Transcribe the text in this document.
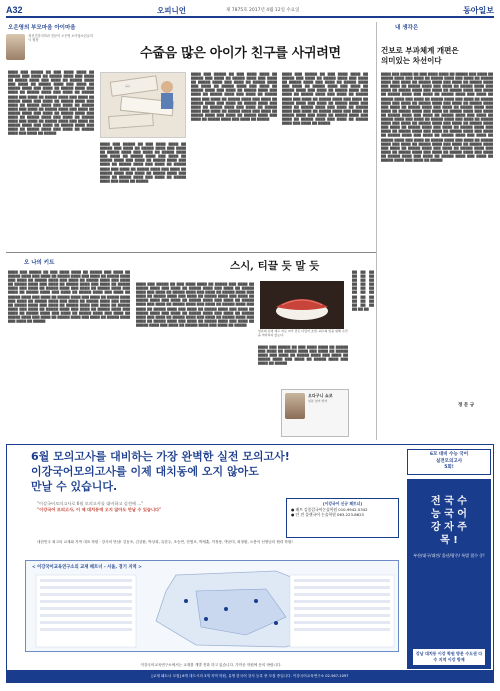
A32	오피니언	제 7875호 2017년 4월 12일 수요일	동아일보
오은영의 부모마음 아이마음
정신건강의학과 전문의 오은영 소아청소년클리닉 원장
▇▇▇▇ ▇▇▇ ▇▇▇▇▇ ▇▇ ▇▇▇ ▇▇▇▇ ▇▇▇▇ ▇▇ ▇▇▇▇▇ ▇▇▇ ▇▇▇▇ ▇▇ ▇▇▇▇▇ ▇▇▇▇ ▇▇▇ ▇▇▇▇ ▇▇ ▇▇▇▇▇ ▇▇▇▇ ▇▇▇ ▇▇▇▇ ▇▇ ▇▇▇▇▇ ▇▇▇▇ ▇▇▇ ▇▇▇▇ ▇▇ ▇▇▇▇▇ ▇▇▇▇ ▇▇▇ ▇▇▇▇ ▇▇ ▇▇▇▇▇ ▇▇▇▇ ▇▇▇ ▇▇▇▇ ▇▇ ▇▇▇▇▇ ▇▇▇▇ ▇▇▇ ▇▇▇▇ ▇▇ ▇▇▇▇▇ ▇▇▇▇ ▇▇▇ ▇▇▇▇ ▇▇ ▇▇▇▇▇ ▇▇▇▇ ▇▇▇ ▇▇▇▇ ▇▇ ▇▇▇▇▇ ▇▇▇▇ ▇▇▇ ▇▇▇▇ ▇▇ ▇▇▇▇▇ ▇▇▇▇ ▇▇▇ ▇▇▇▇ ▇▇ ▇▇▇▇▇ ▇▇▇▇ ▇▇▇ ▇▇▇▇ ▇▇ ▇▇▇▇▇ ▇▇▇▇ ▇▇▇ ▇▇▇▇ ▇▇ ▇▇▇▇▇ ▇▇▇▇ ▇▇▇ ▇▇▇▇ ▇▇ ▇▇▇▇▇ ▇▇▇▇ ▇▇▇ ▇▇▇▇ ▇▇ ▇▇▇▇▇ ▇▇▇▇ ▇▇▇ ▇▇▇▇ ▇▇ ▇▇▇▇▇ ▇▇▇▇ ▇▇▇ ▇▇▇▇ ▇▇ ▇▇▇▇▇ ▇▇▇▇ ▇▇▇ ▇▇▇▇ ▇▇ ▇▇▇▇▇ ▇▇▇▇ ▇▇▇ ▇▇▇▇ ▇▇ ▇▇▇▇▇ ▇▇▇▇ ▇▇▇ ▇▇▇▇ ▇▇ ▇▇▇▇▇ ▇▇▇▇ ▇▇▇ ▇▇▇▇ ▇▇ ▇▇▇▇▇ ▇▇▇▇ ▇▇▇ ▇▇▇▇ ▇▇ ▇▇▇▇▇ ▇▇▇▇ ▇▇▇ ▇▇▇▇ ▇▇ ▇▇▇▇▇ ▇▇▇▇ ▇▇▇ ▇▇▇▇ ▇▇ ▇▇▇▇▇
수줍음 많은 아이가 친구를 사귀려면
📖
▇▇▇▇ ▇▇▇ ▇▇▇▇▇ ▇▇ ▇▇▇ ▇▇▇▇ ▇▇▇▇ ▇▇ ▇▇▇▇▇ ▇▇▇ ▇▇▇▇ ▇▇ ▇▇▇▇▇ ▇▇▇▇ ▇▇▇ ▇▇▇▇ ▇▇ ▇▇▇▇▇ ▇▇▇▇ ▇▇▇ ▇▇▇▇ ▇▇ ▇▇▇▇▇ ▇▇▇▇ ▇▇▇ ▇▇▇▇ ▇▇ ▇▇▇▇▇ ▇▇▇▇ ▇▇▇ ▇▇▇▇ ▇▇ ▇▇▇▇▇ ▇▇▇▇ ▇▇▇ ▇▇▇▇ ▇▇ ▇▇▇▇▇ ▇▇▇▇ ▇▇▇ ▇▇▇▇ ▇▇ ▇▇▇▇▇ ▇▇▇▇ ▇▇▇ ▇▇▇▇ ▇▇ ▇▇▇▇▇ ▇▇▇▇ ▇▇▇ ▇▇▇▇ ▇▇ ▇▇▇▇▇ ▇▇▇▇ ▇▇▇ ▇▇▇▇ ▇▇ ▇▇▇▇▇ ▇▇▇▇ ▇▇▇ ▇▇▇▇ ▇▇ ▇▇▇▇▇ ▇▇▇▇ ▇▇▇ ▇▇▇▇ ▇▇ ▇▇▇▇▇ ▇▇▇▇ ▇▇▇ ▇▇▇▇ ▇▇ ▇▇▇▇▇ ▇▇▇▇ ▇▇▇ ▇▇▇▇ ▇▇ ▇▇▇▇▇
▇▇▇▇ ▇▇▇ ▇▇▇▇▇ ▇▇ ▇▇▇ ▇▇▇▇ ▇▇▇▇ ▇▇ ▇▇▇▇▇ ▇▇▇ ▇▇▇▇ ▇▇ ▇▇▇▇▇ ▇▇▇▇ ▇▇▇ ▇▇▇▇ ▇▇ ▇▇▇▇▇ ▇▇▇▇ ▇▇▇ ▇▇▇▇ ▇▇ ▇▇▇▇▇ ▇▇▇▇ ▇▇▇ ▇▇▇▇ ▇▇ ▇▇▇▇▇ ▇▇▇▇ ▇▇▇ ▇▇▇▇ ▇▇ ▇▇▇▇▇ ▇▇▇▇ ▇▇▇ ▇▇▇▇ ▇▇ ▇▇▇▇▇ ▇▇▇▇ ▇▇▇ ▇▇▇▇ ▇▇ ▇▇▇▇▇ ▇▇▇▇ ▇▇▇ ▇▇▇▇ ▇▇ ▇▇▇▇▇ ▇▇▇▇ ▇▇▇ ▇▇▇▇ ▇▇ ▇▇▇▇▇ ▇▇▇▇ ▇▇▇ ▇▇▇▇ ▇▇ ▇▇▇▇▇ ▇▇▇▇ ▇▇▇ ▇▇▇▇ ▇▇ ▇▇▇▇▇ ▇▇▇▇ ▇▇▇ ▇▇▇▇ ▇▇ ▇▇▇▇▇ ▇▇▇▇ ▇▇▇ ▇▇▇▇ ▇▇ ▇▇▇▇▇ ▇▇▇▇ ▇▇▇ ▇▇▇▇ ▇▇ ▇▇▇▇▇ ▇▇▇▇ ▇▇▇ ▇▇▇▇ ▇▇ ▇▇▇▇▇ ▇▇▇▇ ▇▇▇ ▇▇▇▇ ▇▇ ▇▇▇▇▇ ▇▇▇▇ ▇▇▇ ▇▇▇▇ ▇▇ ▇▇▇▇▇ ▇▇▇▇ ▇▇▇ ▇▇▇▇ ▇▇ ▇▇▇▇▇
▇▇▇▇ ▇▇▇ ▇▇▇▇▇ ▇▇ ▇▇▇ ▇▇▇▇ ▇▇▇▇ ▇▇ ▇▇▇▇▇ ▇▇▇ ▇▇▇▇ ▇▇ ▇▇▇▇▇ ▇▇▇▇ ▇▇▇ ▇▇▇▇ ▇▇ ▇▇▇▇▇ ▇▇▇▇ ▇▇▇ ▇▇▇▇ ▇▇ ▇▇▇▇▇ ▇▇▇▇ ▇▇▇ ▇▇▇▇ ▇▇ ▇▇▇▇▇ ▇▇▇▇ ▇▇▇ ▇▇▇▇ ▇▇ ▇▇▇▇▇ ▇▇▇▇ ▇▇▇ ▇▇▇▇ ▇▇ ▇▇▇▇▇ ▇▇▇▇ ▇▇▇ ▇▇▇▇ ▇▇ ▇▇▇▇▇ ▇▇▇▇ ▇▇▇ ▇▇▇▇ ▇▇ ▇▇▇▇▇ ▇▇▇▇ ▇▇▇ ▇▇▇▇ ▇▇ ▇▇▇▇▇ ▇▇▇▇ ▇▇▇ ▇▇▇▇ ▇▇ ▇▇▇▇▇ ▇▇▇▇ ▇▇▇ ▇▇▇▇ ▇▇ ▇▇▇▇▇ ▇▇▇▇ ▇▇▇ ▇▇▇▇ ▇▇ ▇▇▇▇▇ ▇▇▇▇ ▇▇▇ ▇▇▇▇ ▇▇ ▇▇▇▇▇ ▇▇▇▇ ▇▇▇ ▇▇▇▇ ▇▇ ▇▇▇▇▇ ▇▇▇▇ ▇▇▇ ▇▇▇▇ ▇▇ ▇▇▇▇▇ ▇▇▇▇ ▇▇▇ ▇▇▇▇ ▇▇ ▇▇▇▇▇ ▇▇▇▇ ▇▇▇ ▇▇▇▇ ▇▇ ▇▇▇▇▇ ▇▇▇▇ ▇▇▇ ▇▇▇▇ ▇▇ ▇▇▇▇▇ ▇▇▇▇ ▇▇▇ ▇▇▇▇ ▇▇ ▇▇▇▇▇
내 생각은
건보로 부과체계 개편은
의미있는 차선이다
▇▇▇▇ ▇▇▇ ▇▇▇▇▇ ▇▇ ▇▇▇ ▇▇▇▇ ▇▇▇▇ ▇▇ ▇▇▇▇▇ ▇▇▇ ▇▇▇▇ ▇▇ ▇▇▇▇▇ ▇▇▇▇ ▇▇▇ ▇▇▇▇ ▇▇ ▇▇▇▇▇ ▇▇▇▇ ▇▇▇ ▇▇▇▇ ▇▇ ▇▇▇▇▇ ▇▇▇▇ ▇▇▇ ▇▇▇▇ ▇▇ ▇▇▇▇▇ ▇▇▇▇ ▇▇▇ ▇▇▇▇ ▇▇ ▇▇▇▇▇ ▇▇▇▇ ▇▇▇ ▇▇▇▇ ▇▇ ▇▇▇▇▇ ▇▇▇▇ ▇▇▇ ▇▇▇▇ ▇▇ ▇▇▇▇▇ ▇▇▇▇ ▇▇▇ ▇▇▇▇ ▇▇ ▇▇▇▇▇ ▇▇▇▇ ▇▇▇ ▇▇▇▇ ▇▇ ▇▇▇▇▇ ▇▇▇▇ ▇▇▇ ▇▇▇▇ ▇▇ ▇▇▇▇▇ ▇▇▇▇ ▇▇▇ ▇▇▇▇ ▇▇ ▇▇▇▇▇ ▇▇▇▇ ▇▇▇ ▇▇▇▇ ▇▇ ▇▇▇▇▇ ▇▇▇▇ ▇▇▇ ▇▇▇▇ ▇▇ ▇▇▇▇▇ ▇▇▇▇ ▇▇▇ ▇▇▇▇ ▇▇ ▇▇▇▇▇ ▇▇▇▇ ▇▇▇ ▇▇▇▇ ▇▇ ▇▇▇▇▇ ▇▇▇▇ ▇▇▇ ▇▇▇▇ ▇▇ ▇▇▇▇▇ ▇▇▇▇ ▇▇▇ ▇▇▇▇ ▇▇ ▇▇▇▇▇ ▇▇▇▇ ▇▇▇ ▇▇▇▇ ▇▇ ▇▇▇▇▇ ▇▇▇▇ ▇▇▇ ▇▇▇▇ ▇▇ ▇▇▇▇▇ ▇▇▇▇ ▇▇▇ ▇▇▇▇ ▇▇ ▇▇▇▇▇ ▇▇▇▇ ▇▇▇ ▇▇▇▇ ▇▇ ▇▇▇▇▇ ▇▇▇▇ ▇▇▇ ▇▇▇▇ ▇▇ ▇▇▇▇▇ ▇▇▇▇ ▇▇▇ ▇▇▇▇ ▇▇ ▇▇▇▇▇ ▇▇▇▇ ▇▇▇ ▇▇▇▇ ▇▇ ▇▇▇▇▇ ▇▇▇▇ ▇▇▇ ▇▇▇▇ ▇▇ ▇▇▇▇▇ ▇▇▇▇ ▇▇▇ ▇▇▇▇ ▇▇ ▇▇▇▇▇ ▇▇▇▇ ▇▇▇ ▇▇▇▇ ▇▇ ▇▇▇▇▇ ▇▇▇▇ ▇▇▇ ▇▇▇▇ ▇▇ ▇▇▇▇▇ ▇▇▇▇ ▇▇▇ ▇▇▇▇ ▇▇ ▇▇▇▇▇ ▇▇▇▇ ▇▇▇ ▇▇▇▇ ▇▇ ▇▇▇▇▇ ▇▇▇▇ ▇▇▇ ▇▇▇▇ ▇▇ ▇▇▇▇▇ ▇▇▇▇ ▇▇▇ ▇▇▇▇ ▇▇ ▇▇▇▇▇ ▇▇▇▇ ▇▇▇ ▇▇▇▇ ▇▇ ▇▇▇▇▇ ▇▇▇▇ ▇▇▇ ▇▇▇▇ ▇▇ ▇▇▇▇▇ ▇▇▇▇ ▇▇▇ ▇▇▇▇ ▇▇ ▇▇▇▇▇ ▇▇▇▇ ▇▇▇ ▇▇▇▇ ▇▇ ▇▇▇▇▇ ▇▇▇▇ ▇▇▇ ▇▇▇▇ ▇▇ ▇▇▇▇▇ ▇▇▇▇ ▇▇▇ ▇▇▇▇ ▇▇ ▇▇▇▇▇ ▇▇▇▇ ▇▇▇ ▇▇▇▇ ▇▇ ▇▇▇▇▇ ▇▇▇▇ ▇▇▇ ▇▇▇▇ ▇▇ ▇▇▇▇▇ ▇▇▇▇ ▇▇▇ ▇▇▇▇ ▇▇ ▇▇▇▇▇ ▇▇▇▇ ▇▇▇ ▇▇▇▇ ▇▇ ▇▇▇▇▇ ▇▇▇▇ ▇▇▇ ▇▇▇▇ ▇▇ ▇▇▇▇▇ ▇▇▇▇ ▇▇▇ ▇▇▇▇ ▇▇ ▇▇▇▇▇ ▇▇▇▇ ▇▇▇ ▇▇▇▇ ▇▇ ▇▇▇▇▇ ▇▇▇▇ ▇▇▇ ▇▇▇▇ ▇▇ ▇▇▇▇▇
정 문 규
오 나의 키트
▇▇▇▇ ▇▇▇ ▇▇▇▇▇ ▇▇ ▇▇▇ ▇▇▇▇ ▇▇▇▇ ▇▇ ▇▇▇▇▇ ▇▇▇ ▇▇▇▇ ▇▇ ▇▇▇▇▇ ▇▇▇▇ ▇▇▇ ▇▇▇▇ ▇▇ ▇▇▇▇▇ ▇▇▇▇ ▇▇▇ ▇▇▇▇ ▇▇ ▇▇▇▇▇ ▇▇▇▇ ▇▇▇ ▇▇▇▇ ▇▇ ▇▇▇▇▇ ▇▇▇▇ ▇▇▇ ▇▇▇▇ ▇▇ ▇▇▇▇▇ ▇▇▇▇ ▇▇▇ ▇▇▇▇ ▇▇ ▇▇▇▇▇ ▇▇▇▇ ▇▇▇ ▇▇▇▇ ▇▇ ▇▇▇▇▇ ▇▇▇▇ ▇▇▇ ▇▇▇▇ ▇▇ ▇▇▇▇▇ ▇▇▇▇ ▇▇▇ ▇▇▇▇ ▇▇ ▇▇▇▇▇ ▇▇▇▇ ▇▇▇ ▇▇▇▇ ▇▇ ▇▇▇▇▇ ▇▇▇▇ ▇▇▇ ▇▇▇▇ ▇▇ ▇▇▇▇▇ ▇▇▇▇ ▇▇▇ ▇▇▇▇ ▇▇ ▇▇▇▇▇ ▇▇▇▇ ▇▇▇ ▇▇▇▇ ▇▇ ▇▇▇▇▇ ▇▇▇▇ ▇▇▇ ▇▇▇▇ ▇▇ ▇▇▇▇▇ ▇▇▇▇ ▇▇▇ ▇▇▇▇ ▇▇ ▇▇▇▇▇ ▇▇▇▇ ▇▇▇ ▇▇▇▇ ▇▇ ▇▇▇▇▇ ▇▇▇▇ ▇▇▇ ▇▇▇▇ ▇▇ ▇▇▇▇▇ ▇▇▇▇ ▇▇▇ ▇▇▇▇ ▇▇ ▇▇▇▇▇ ▇▇▇▇ ▇▇▇ ▇▇▇▇ ▇▇ ▇▇▇▇▇ ▇▇▇▇ ▇▇▇ ▇▇▇▇ ▇▇ ▇▇▇▇▇ ▇▇▇▇ ▇▇▇ ▇▇▇▇ ▇▇ ▇▇▇▇▇ ▇▇▇▇ ▇▇▇ ▇▇▇▇ ▇▇ ▇▇▇▇▇ ▇▇▇▇ ▇▇▇ ▇▇▇▇ ▇▇ ▇▇▇▇▇ ▇▇▇▇ ▇▇▇ ▇▇▇▇ ▇▇ ▇▇▇▇▇ ▇▇▇▇ ▇▇▇ ▇▇▇▇ ▇▇ ▇▇▇▇▇ ▇▇▇▇ ▇▇▇ ▇▇▇▇ ▇▇ ▇▇▇▇▇ ▇▇▇▇ ▇▇▇ ▇▇▇▇ ▇▇ ▇▇▇▇▇ ▇▇▇▇ ▇▇▇ ▇▇▇▇ ▇▇ ▇▇▇▇▇
스시, 티끌 듯 말 듯
▇▇▇▇ ▇▇▇ ▇▇▇▇▇ ▇▇ ▇▇▇ ▇▇▇▇ ▇▇▇▇ ▇▇ ▇▇▇▇▇ ▇▇▇ ▇▇▇▇ ▇▇ ▇▇▇▇▇ ▇▇▇▇ ▇▇▇ ▇▇▇▇ ▇▇ ▇▇▇▇▇ ▇▇▇▇ ▇▇▇ ▇▇▇▇ ▇▇ ▇▇▇▇▇ ▇▇▇▇ ▇▇▇ ▇▇▇▇ ▇▇ ▇▇▇▇▇ ▇▇▇▇ ▇▇▇ ▇▇▇▇ ▇▇ ▇▇▇▇▇ ▇▇▇▇ ▇▇▇ ▇▇▇▇ ▇▇ ▇▇▇▇▇ ▇▇▇▇ ▇▇▇ ▇▇▇▇ ▇▇ ▇▇▇▇▇ ▇▇▇▇ ▇▇▇ ▇▇▇▇ ▇▇ ▇▇▇▇▇ ▇▇▇▇ ▇▇▇ ▇▇▇▇ ▇▇ ▇▇▇▇▇ ▇▇▇▇ ▇▇▇ ▇▇▇▇ ▇▇ ▇▇▇▇▇ ▇▇▇▇ ▇▇▇ ▇▇▇▇ ▇▇ ▇▇▇▇▇ ▇▇▇▇ ▇▇▇ ▇▇▇▇ ▇▇ ▇▇▇▇▇ ▇▇▇▇ ▇▇▇ ▇▇▇▇ ▇▇ ▇▇▇▇▇ ▇▇▇▇ ▇▇▇ ▇▇▇▇ ▇▇ ▇▇▇▇▇ ▇▇▇▇ ▇▇▇ ▇▇▇▇ ▇▇ ▇▇▇▇▇ ▇▇▇▇ ▇▇▇ ▇▇▇▇ ▇▇ ▇▇▇▇▇ ▇▇▇▇ ▇▇▇ ▇▇▇▇ ▇▇ ▇▇▇▇▇ ▇▇▇▇ ▇▇▇ ▇▇▇▇ ▇▇ ▇▇▇▇▇ ▇▇▇▇ ▇▇▇ ▇▇▇▇ ▇▇ ▇▇▇▇▇ ▇▇▇▇ ▇▇▇ ▇▇▇▇ ▇▇ ▇▇▇▇▇ ▇▇▇▇ ▇▇▇ ▇▇▇▇ ▇▇ ▇▇▇▇▇ ▇▇▇▇ ▇▇▇ ▇▇▇▇ ▇▇ ▇▇▇▇▇ ▇▇▇▇ ▇▇▇ ▇▇▇▇ ▇▇ ▇▇▇▇▇ ▇▇▇▇ ▇▇▇ ▇▇▇▇ ▇▇ ▇▇▇▇▇
일본의 유명 셰프 지로 씨가 만든 다랑어 초밥. 최고의 맛을 위해 수련을 마다하지 않는다.
▇▇▇▇ ▇▇▇ ▇▇▇▇▇ ▇▇ ▇▇▇ ▇▇▇▇ ▇▇▇▇ ▇▇ ▇▇▇▇▇ ▇▇▇ ▇▇▇▇ ▇▇ ▇▇▇▇▇ ▇▇▇▇ ▇▇▇ ▇▇▇▇ ▇▇ ▇▇▇▇▇ ▇▇▇▇ ▇▇▇ ▇▇▇▇ ▇▇ ▇▇▇▇▇ ▇▇▇▇ ▇▇▇ ▇▇▇▇ ▇▇ ▇▇▇▇▇ ▇▇▇▇ ▇▇▇ ▇▇▇▇ ▇▇ ▇▇▇▇▇ ▇▇▇▇ ▇▇▇ ▇▇▇▇ ▇▇ ▇▇▇▇▇
▇▇ ▇▇ ▇▇ ▇▇ ▇▇ ▇▇ ▇▇ ▇▇ ▇▇ ▇▇ ▇▇ ▇▇ ▇▇ ▇▇ ▇▇ ▇▇ ▇▇ ▇▇ ▇▇ ▇▇ ▇▇ ▇▇ ▇▇ ▇▇ ▇▇ ▇▇ ▇▇ ▇▇ ▇▇ ▇▇
오다구니 쇼코
일본 일어 학자
6월 모의고사를 대비하는 가장 완벽한 실전 모의고사!
이강국어모의고사를 이제 대치동에 오지 않아도
만날 수 있습니다.
"이강국어모의고사로 6월 모의고사를 대비하고 실전에 …"
"이강국어 모의고사, 이 제 대치동에 오지 않아도 만날 수 있습니다"
[이강국어 신규 패트너]
● 패트 김종갑국어논술학원 010-9942-5342
● 안 전 플랜국어 논술학원 063-223-8623
대한민국 최고의 교재와 지역 대표 학원 · 강사의 만남! 김동조, 김상환, 박상희, 유한주, 조승연, 전범조, 박재훈, 이정용, 박준미, 최정환, 오충석 선생님의 협력 학원!
< 이강국어교육연구소의 교재 패트너 - 서울, 경기 지역 >
이강국어교육연구소에서는 교재를 개발 전화 하고 있습니다. 가까운 학원에 문의 바랍니다.
[교재 패트너 모집] 6개 대도시의 3개 지역 학원, 유명 한국어 강사 등록 중 모집 중입니다. 이강국어교육연구소 02-567-1097
6모 대비 수능 국어
실전모의고사
5회!
전 국 수 능 국 어 강 자 주 목 !
부산/대구/대전/ 울산/광주/ 특별 접수 중!
강남 대치동 이강 학원 방문 수도권 다수 지역 이강 방제
